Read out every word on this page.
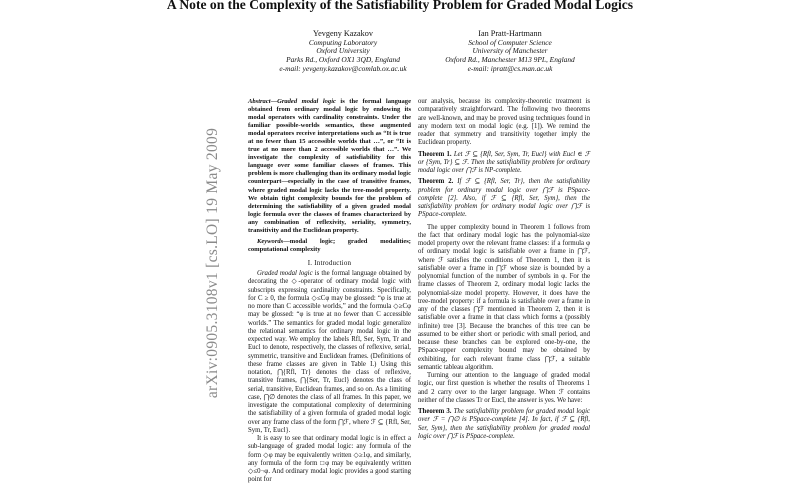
A Note on the Complexity of the Satisfiability Problem for Graded Modal Logics
Yevgeny Kazakov
Computing Laboratory
Oxford University
Parks Rd., Oxford OX1 3QD, England
e-mail: yevgeny.kazakov@comlab.ox.ac.uk
Ian Pratt-Hartmann
School of Computer Science
University of Manchester
Oxford Rd., Manchester M13 9PL, England
e-mail: ipratt@cs.man.ac.uk
arXiv:0905.3108v1 [cs.LO] 19 May 2009

Abstract—Graded modal logic is the formal language obtained from ordinary modal logic by endowing its modal operators with cardinality constraints. Under the familiar possible-worlds semantics, these augmented modal operators receive interpretations such as “It is true at no fewer than 15 accessible worlds that …”, or “It is true at no more than 2 accessible worlds that …”. We investigate the complexity of satisfiability for this language over some familiar classes of frames. This problem is more challenging than its ordinary modal logic counterpart—especially in the case of transitive frames, where graded modal logic lacks the tree-model property. We obtain tight complexity bounds for the problem of determining the satisfiability of a given graded modal logic formula over the classes of frames characterized by any combination of reflexivity, seriality, symmetry, transitivity and the Euclidean property.

Keywords—modal logic; graded modalities; computational complexity

I. Introduction

Graded modal logic is the formal language obtained by decorating the ◇-operator of ordinary modal logic with subscripts expressing cardinality constraints. Specifically, for C ≥ 0, the formula ◇≤Cφ may be glossed: “φ is true at no more than C accessible worlds,” and the formula ◇≥Cφ may be glossed: “φ is true at no fewer than C accessible worlds.” The semantics for graded modal logic generalize the relational semantics for ordinary modal logic in the expected way. We employ the labels Rfl, Ser, Sym, Tr and Eucl to denote, respectively, the classes of reflexive, serial, symmetric, transitive and Euclidean frames. (Definitions of these frame classes are given in Table I.) Using this notation, ⋂{Rfl, Tr} denotes the class of reflexive, transitive frames, ⋂{Ser, Tr, Eucl} denotes the class of serial, transitive, Euclidean frames, and so on. As a limiting case, ⋂∅ denotes the class of all frames. In this paper, we investigate the computational complexity of determining the satisfiability of a given formula of graded modal logic over any frame class of the form ⋂ℱ, where ℱ ⊆ {Rfl, Ser, Sym, Tr, Eucl}.

It is easy to see that ordinary modal logic is in effect a sub-language of graded modal logic: any formula of the form ◇φ may be equivalently written ◇≥1φ, and similarly, any formula of the form □φ may be equivalently written ◇≤0¬φ. And ordinary modal logic provides a good starting point for

our analysis, because its complexity-theoretic treatment is comparatively straightforward. The following two theorems are well-known, and may be proved using techniques found in any modern text on modal logic (e.g. [1]). We remind the reader that symmetry and transitivity together imply the Euclidean property.

Theorem 1. Let ℱ ⊆ {Rfl, Ser, Sym, Tr, Eucl} with Eucl ∈ ℱ or {Sym, Tr} ⊆ ℱ. Then the satisfiability problem for ordinary modal logic over ⋂ℱ is NP-complete.

Theorem 2. If ℱ ⊆ {Rfl, Ser, Tr}, then the satisfiability problem for ordinary modal logic over ⋂ℱ is PSpace-complete [2]. Also, if ℱ ⊆ {Rfl, Ser, Sym}, then the satisfiability problem for ordinary modal logic over ⋂ℱ is PSpace-complete.

The upper complexity bound in Theorem 1 follows from the fact that ordinary modal logic has the polynomial-size model property over the relevant frame classes: if a formula φ of ordinary modal logic is satisfiable over a frame in ⋂ℱ, where ℱ satisfies the conditions of Theorem 1, then it is satisfiable over a frame in ⋂ℱ whose size is bounded by a polynomial function of the number of symbols in φ. For the frame classes of Theorem 2, ordinary modal logic lacks the polynomial-size model property. However, it does have the tree-model property: if a formula is satisfiable over a frame in any of the classes ⋂ℱ mentioned in Theorem 2, then it is satisfiable over a frame in that class which forms a (possibly infinite) tree [3]. Because the branches of this tree can be assumed to be either short or periodic with small period, and because these branches can be explored one-by-one, the PSpace-upper complexity bound may be obtained by exhibiting, for each relevant frame class ⋂ℱ, a suitable semantic tableau algorithm.

Turning our attention to the language of graded modal logic, our first question is whether the results of Theorems 1 and 2 carry over to the larger language. When ℱ contains neither of the classes Tr or Eucl, the answer is yes. We have:

Theorem 3. The satisfiability problem for graded modal logic over ℱ = ⋂∅ is PSpace-complete [4]. In fact, if ℱ ⊆ {Rfl, Ser, Sym}, then the satisfiability problem for graded modal logic over ⋂ℱ is PSpace-complete.
